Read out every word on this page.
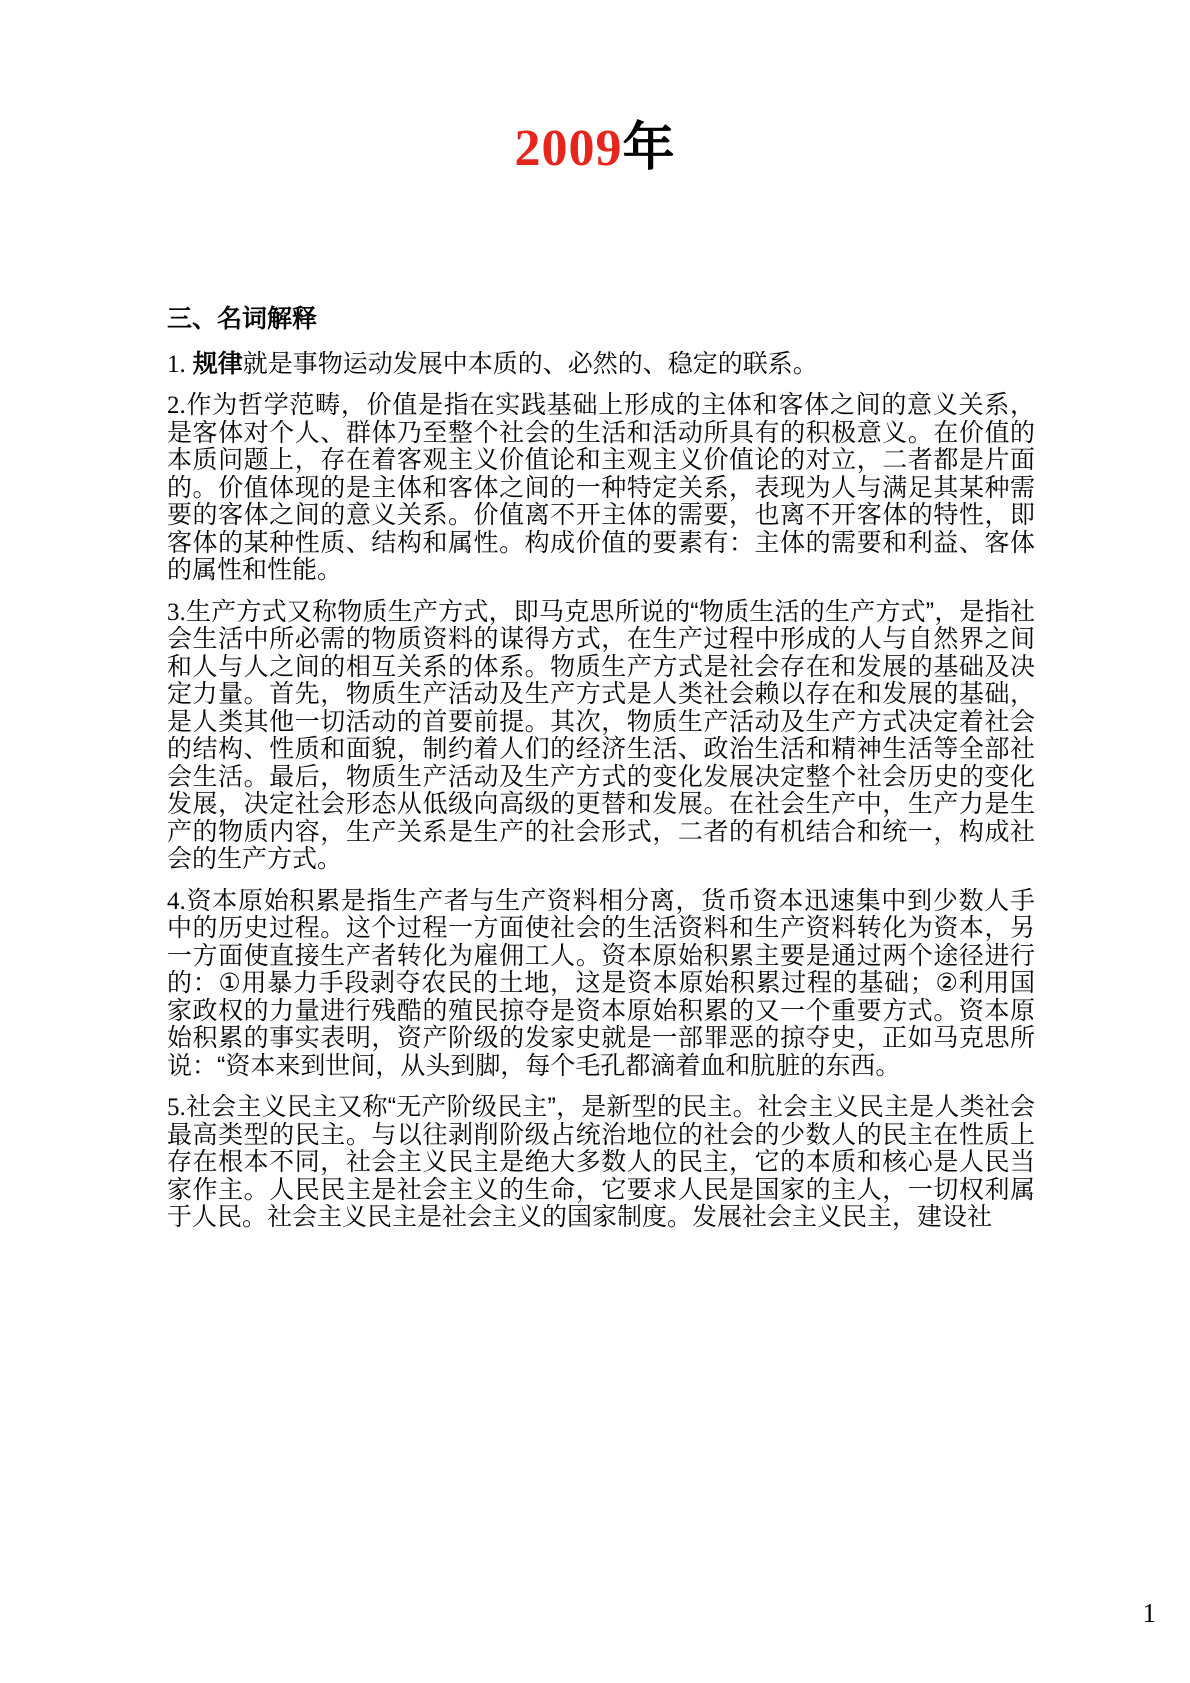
2009年
三、名词解释

1. 规律就是事物运动发展中本质的、必然的、稳定的联系。

2.作为哲学范畴，价值是指在实践基础上形成的主体和客体之间的意义关系，是客体对个人、群体乃至整个社会的生活和活动所具有的积极意义。在价值的本质问题上，存在着客观主义价值论和主观主义价值论的对立，二者都是片面的。价值体现的是主体和客体之间的一种特定关系，表现为人与满足其某种需要的客体之间的意义关系。价值离不开主体的需要，也离不开客体的特性，即客体的某种性质、结构和属性。构成价值的要素有：主体的需要和利益、客体的属性和性能。

3.生产方式又称物质生产方式，即马克思所说的“物质生活的生产方式”，是指社会生活中所必需的物质资料的谋得方式，在生产过程中形成的人与自然界之间和人与人之间的相互关系的体系。物质生产方式是社会存在和发展的基础及决定力量。首先，物质生产活动及生产方式是人类社会赖以存在和发展的基础，是人类其他一切活动的首要前提。其次，物质生产活动及生产方式决定着社会的结构、性质和面貌，制约着人们的经济生活、政治生活和精神生活等全部社会生活。最后，物质生产活动及生产方式的变化发展决定整个社会历史的变化发展，决定社会形态从低级向高级的更替和发展。在社会生产中，生产力是生产的物质内容，生产关系是生产的社会形式，二者的有机结合和统一，构成社会的生产方式。

4.资本原始积累是指生产者与生产资料相分离，货币资本迅速集中到少数人手中的历史过程。这个过程一方面使社会的生活资料和生产资料转化为资本，另一方面使直接生产者转化为雇佣工人。资本原始积累主要是通过两个途径进行的：①用暴力手段剥夺农民的土地，这是资本原始积累过程的基础；②利用国家政权的力量进行残酷的殖民掠夺是资本原始积累的又一个重要方式。资本原始积累的事实表明，资产阶级的发家史就是一部罪恶的掠夺史，正如马克思所说：“资本来到世间，从头到脚，每个毛孔都滴着血和肮脏的东西。

5.社会主义民主又称“无产阶级民主”，是新型的民主。社会主义民主是人类社会最高类型的民主。与以往剥削阶级占统治地位的社会的少数人的民主在性质上存在根本不同，社会主义民主是绝大多数人的民主，它的本质和核心是人民当家作主。人民民主是社会主义的生命，它要求人民是国家的主人，一切权利属于人民。社会主义民主是社会主义的国家制度。发展社会主义民主，建设社

1
